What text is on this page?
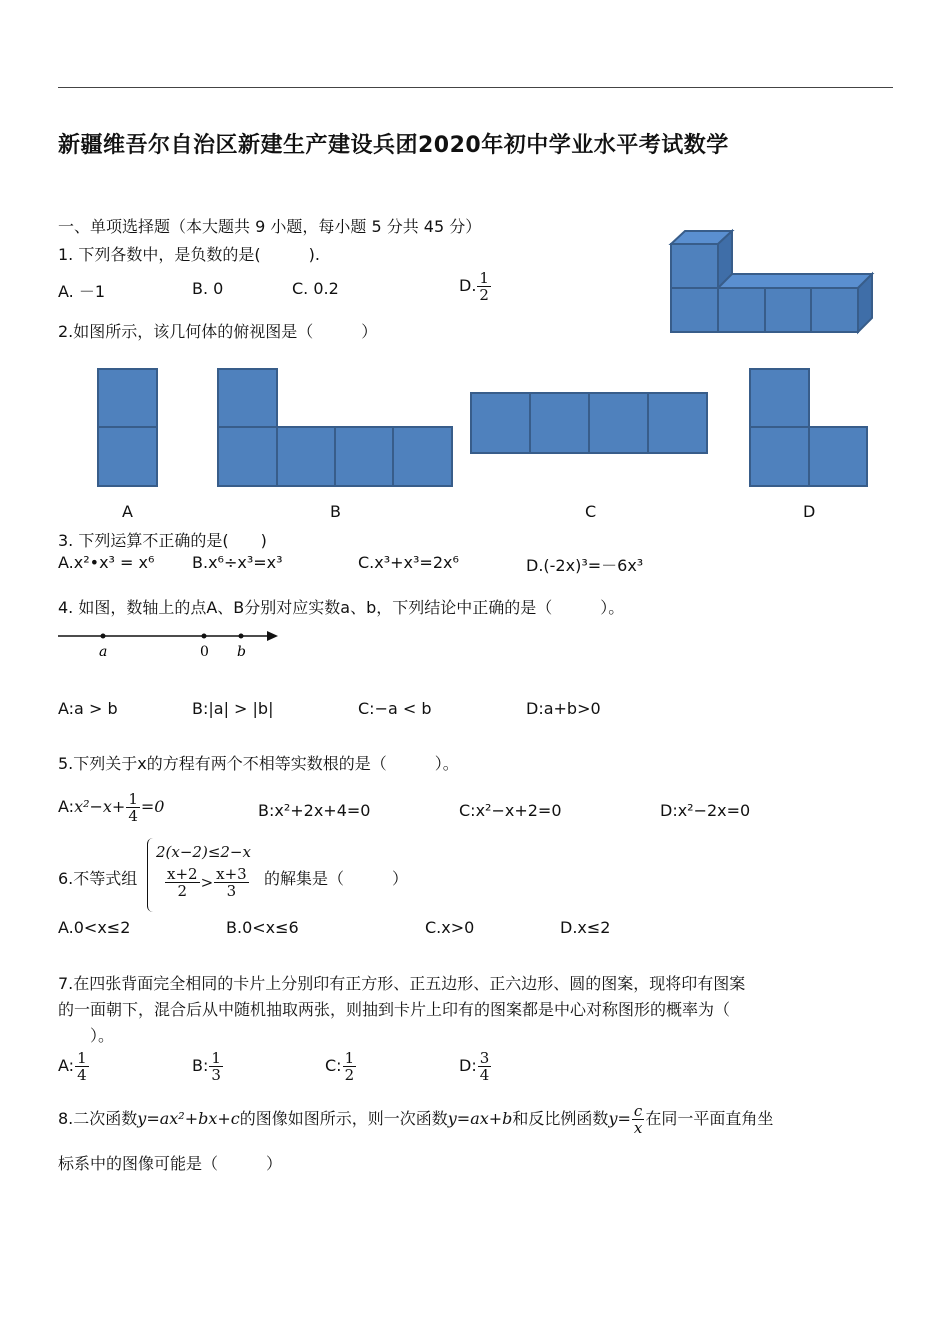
新疆维吾尔自治区新建生产建设兵团2020年初中学业水平考试数学
一、单项选择题（本大题共 9 小题，每小题 5 分共 45 分）
1. 下列各数中，是负数的是(　　　).
A. －1	B. 0	C. 0.2	D. $\frac{1}{2}$
2.如图所示，该几何体的俯视图是（　　　）
A	B	C	D
3. 下列运算不正确的是(　　)
A.x²•x³ = x⁶ B.x⁶÷x³=x³	C.x³+x³=2x⁶	D.(-2x)³=－6x³
4. 如图，数轴上的点A、B分别对应实数a、b，下列结论中正确的是（　　　）。
a	0 b
A:a > b	B:|a| > |b|	C:−a < b	D:a+b>0
5.下列关于x的方程有两个不相等实数根的是（　　　）。
A:x²−x+ $\frac{1}{4} =0$	B:x²+2x+4=0	C:x²−x+2=0	D:x²−2x=0
6.不等式组
2(x−2)≤2−x
$\frac{x+2}{2} > \frac{x+3}{3}$ 的解集是（　　　）
A.0<x≤2	B.0<x≤6	C.x>0	D.x≤2
7.在四张背面完全相同的卡片上分别印有正方形、正五边形、正六边形、圆的图案，现将印有图案
的一面朝下，混合后从中随机抽取两张，则抽到卡片上印有的图案都是中心对称图形的概率为（
）。
A: $\frac{1}{4}$	B: $\frac{1}{3}$	C: $\frac{1}{2}$	D: $\frac{3}{4}$
8.二次函数y=ax²+bx+c的图像如图所示，则一次函数y=ax+b和反比例函数$y= \frac{c}{x}$ 在同一平面直角坐
标系中的图像可能是（　　　）
